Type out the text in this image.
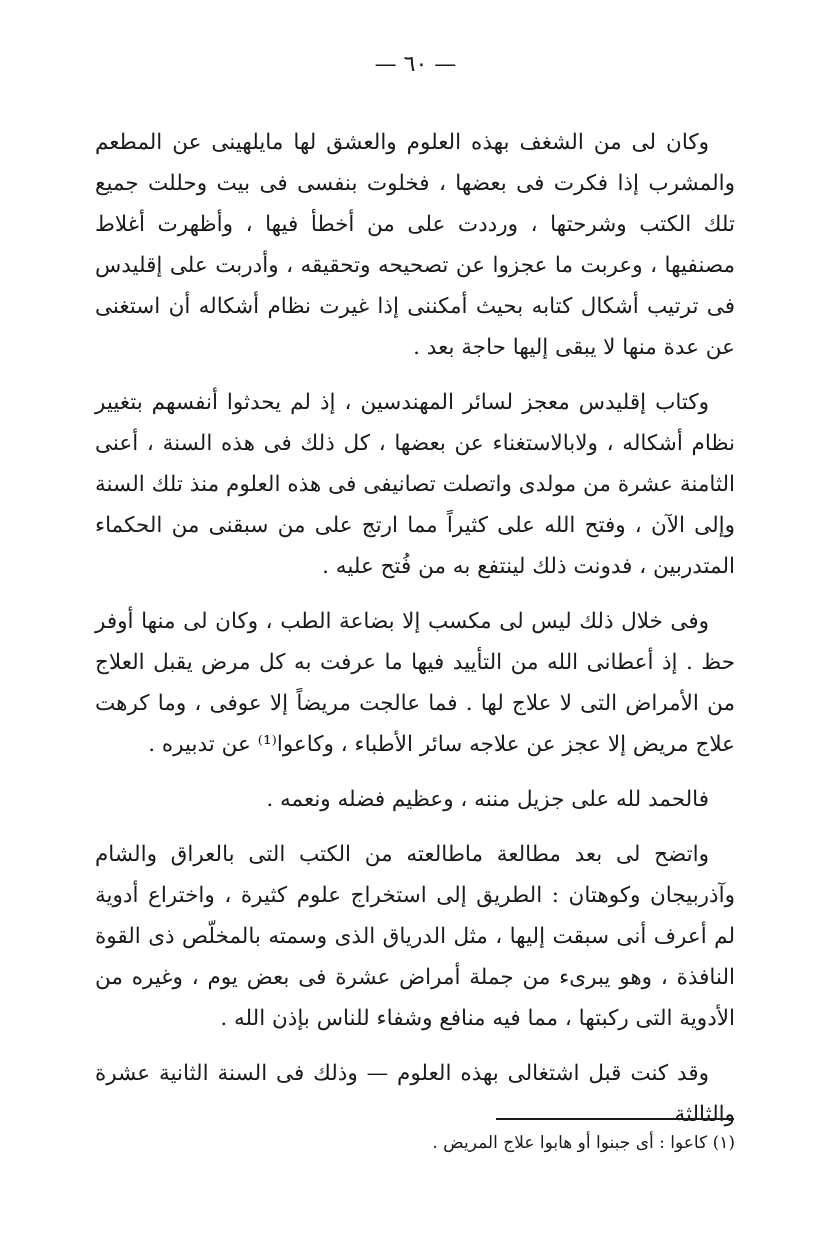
— ٦٠ —

وكان لى من الشغف بهذه العلوم والعشق لها مايلهينى عن المطعم والمشرب إذا فكرت فى بعضها ، فخلوت بنفسى فى بيت وحللت جميع تلك الكتب وشرحتها ، ورددت على من أخطأ فيها ، وأظهرت أغلاط مصنفيها ، وعربت ما عجزوا عن تصحيحه وتحقيقه ، وأدربت على إقليدس فى ترتيب أشكال كتابه بحيث أمكننى إذا غيرت نظام أشكاله أن استغنى عن عدة منها لا يبقى إليها حاجة بعد .

وكتاب إقليدس معجز لسائر المهندسين ، إذ لم يحدثوا أنفسهم بتغيير نظام أشكاله ، ولابالاستغناء عن بعضها ، كل ذلك فى هذه السنة ، أعنى الثامنة عشرة من مولدى واتصلت تصانيفى فى هذه العلوم منذ تلك السنة وإلى الآن ، وفتح الله على كثيراً مما ارتج على من سبقنى من الحكماء المتدربين ، فدونت ذلك لينتفع به من فُتح عليه .

وفى خلال ذلك ليس لى مكسب إلا بضاعة الطب ، وكان لى منها أوفر حظ . إذ أعطانى الله من التأييد فيها ما عرفت به كل مرض يقبل العلاج من الأمراض التى لا علاج لها . فما عالجت مريضاً إلا عوفى ، وما كرهت علاج مريض إلا عجز عن علاجه سائر الأطباء ، وكاعوا⁽¹⁾ عن تدبيره .

فالحمد لله على جزيل مننه ، وعظيم فضله ونعمه .

واتضح لى بعد مطالعة ماطالعته من الكتب التى بالعراق والشام وآذربيجان وكوهتان : الطريق إلى استخراج علوم كثيرة ، واختراع أدوية لم أعرف أنى سبقت إليها ، مثل الدرياق الذى وسمته بالمخلّص ذى القوة النافذة ، وهو يبرىء من جملة أمراض عشرة فى بعض يوم ، وغيره من الأدوية التى ركبتها ، مما فيه منافع وشفاء للناس بإذن الله .

وقد كنت قبل اشتغالى بهذه العلوم — وذلك فى السنة الثانية عشرة والثالثة

(١) كاعوا : أى جبنوا أو هابوا علاج المريض .
